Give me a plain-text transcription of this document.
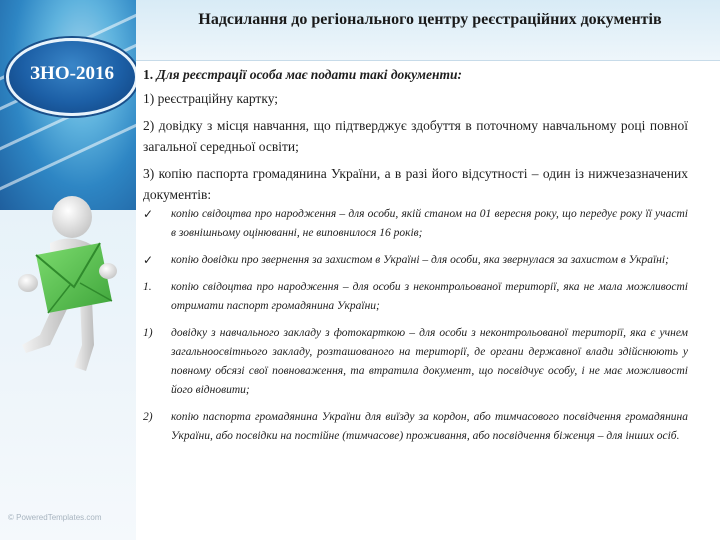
ЗНО-2016
© PoweredTemplates.com
Надсилання до регіонального центру реєстраційних документів

1. Для реєстрації особа має подати такі документи:

1) реєстраційну картку;

2) довідку з місця навчання, що підтверджує здобуття в поточному навчальному році повної загальної середньої освіти;

3) копію паспорта громадянина України, а в разі його відсутності – один із нижчезазначених документів:

✓ копію свідоцтва про народження – для особи, якій станом на 01 вересня року, що передує року її участі в зовнішньому оцінюванні, не виповнилося 16 років;
✓ копію довідки про звернення за захистом в Україні – для особи, яка звернулася за захистом в Україні;
1. копію свідоцтва про народження – для особи з неконтрольованої території, яка не мала можливості отримати паспорт громадянина України;
1) довідку з навчального закладу з фотокарткою – для особи з неконтрольованої території, яка є учнем загальноосвітнього закладу, розташованого на території, де органи державної влади здійснюють у повному обсязі свої повноваження, та втратила документ, що посвідчує особу, і не має можливості його відновити;
2) копію паспорта громадянина України для виїзду за кордон, або тимчасового посвідчення громадянина України, або посвідки на постійне (тимчасове) проживання, або посвідчення біженця – для інших осіб.
